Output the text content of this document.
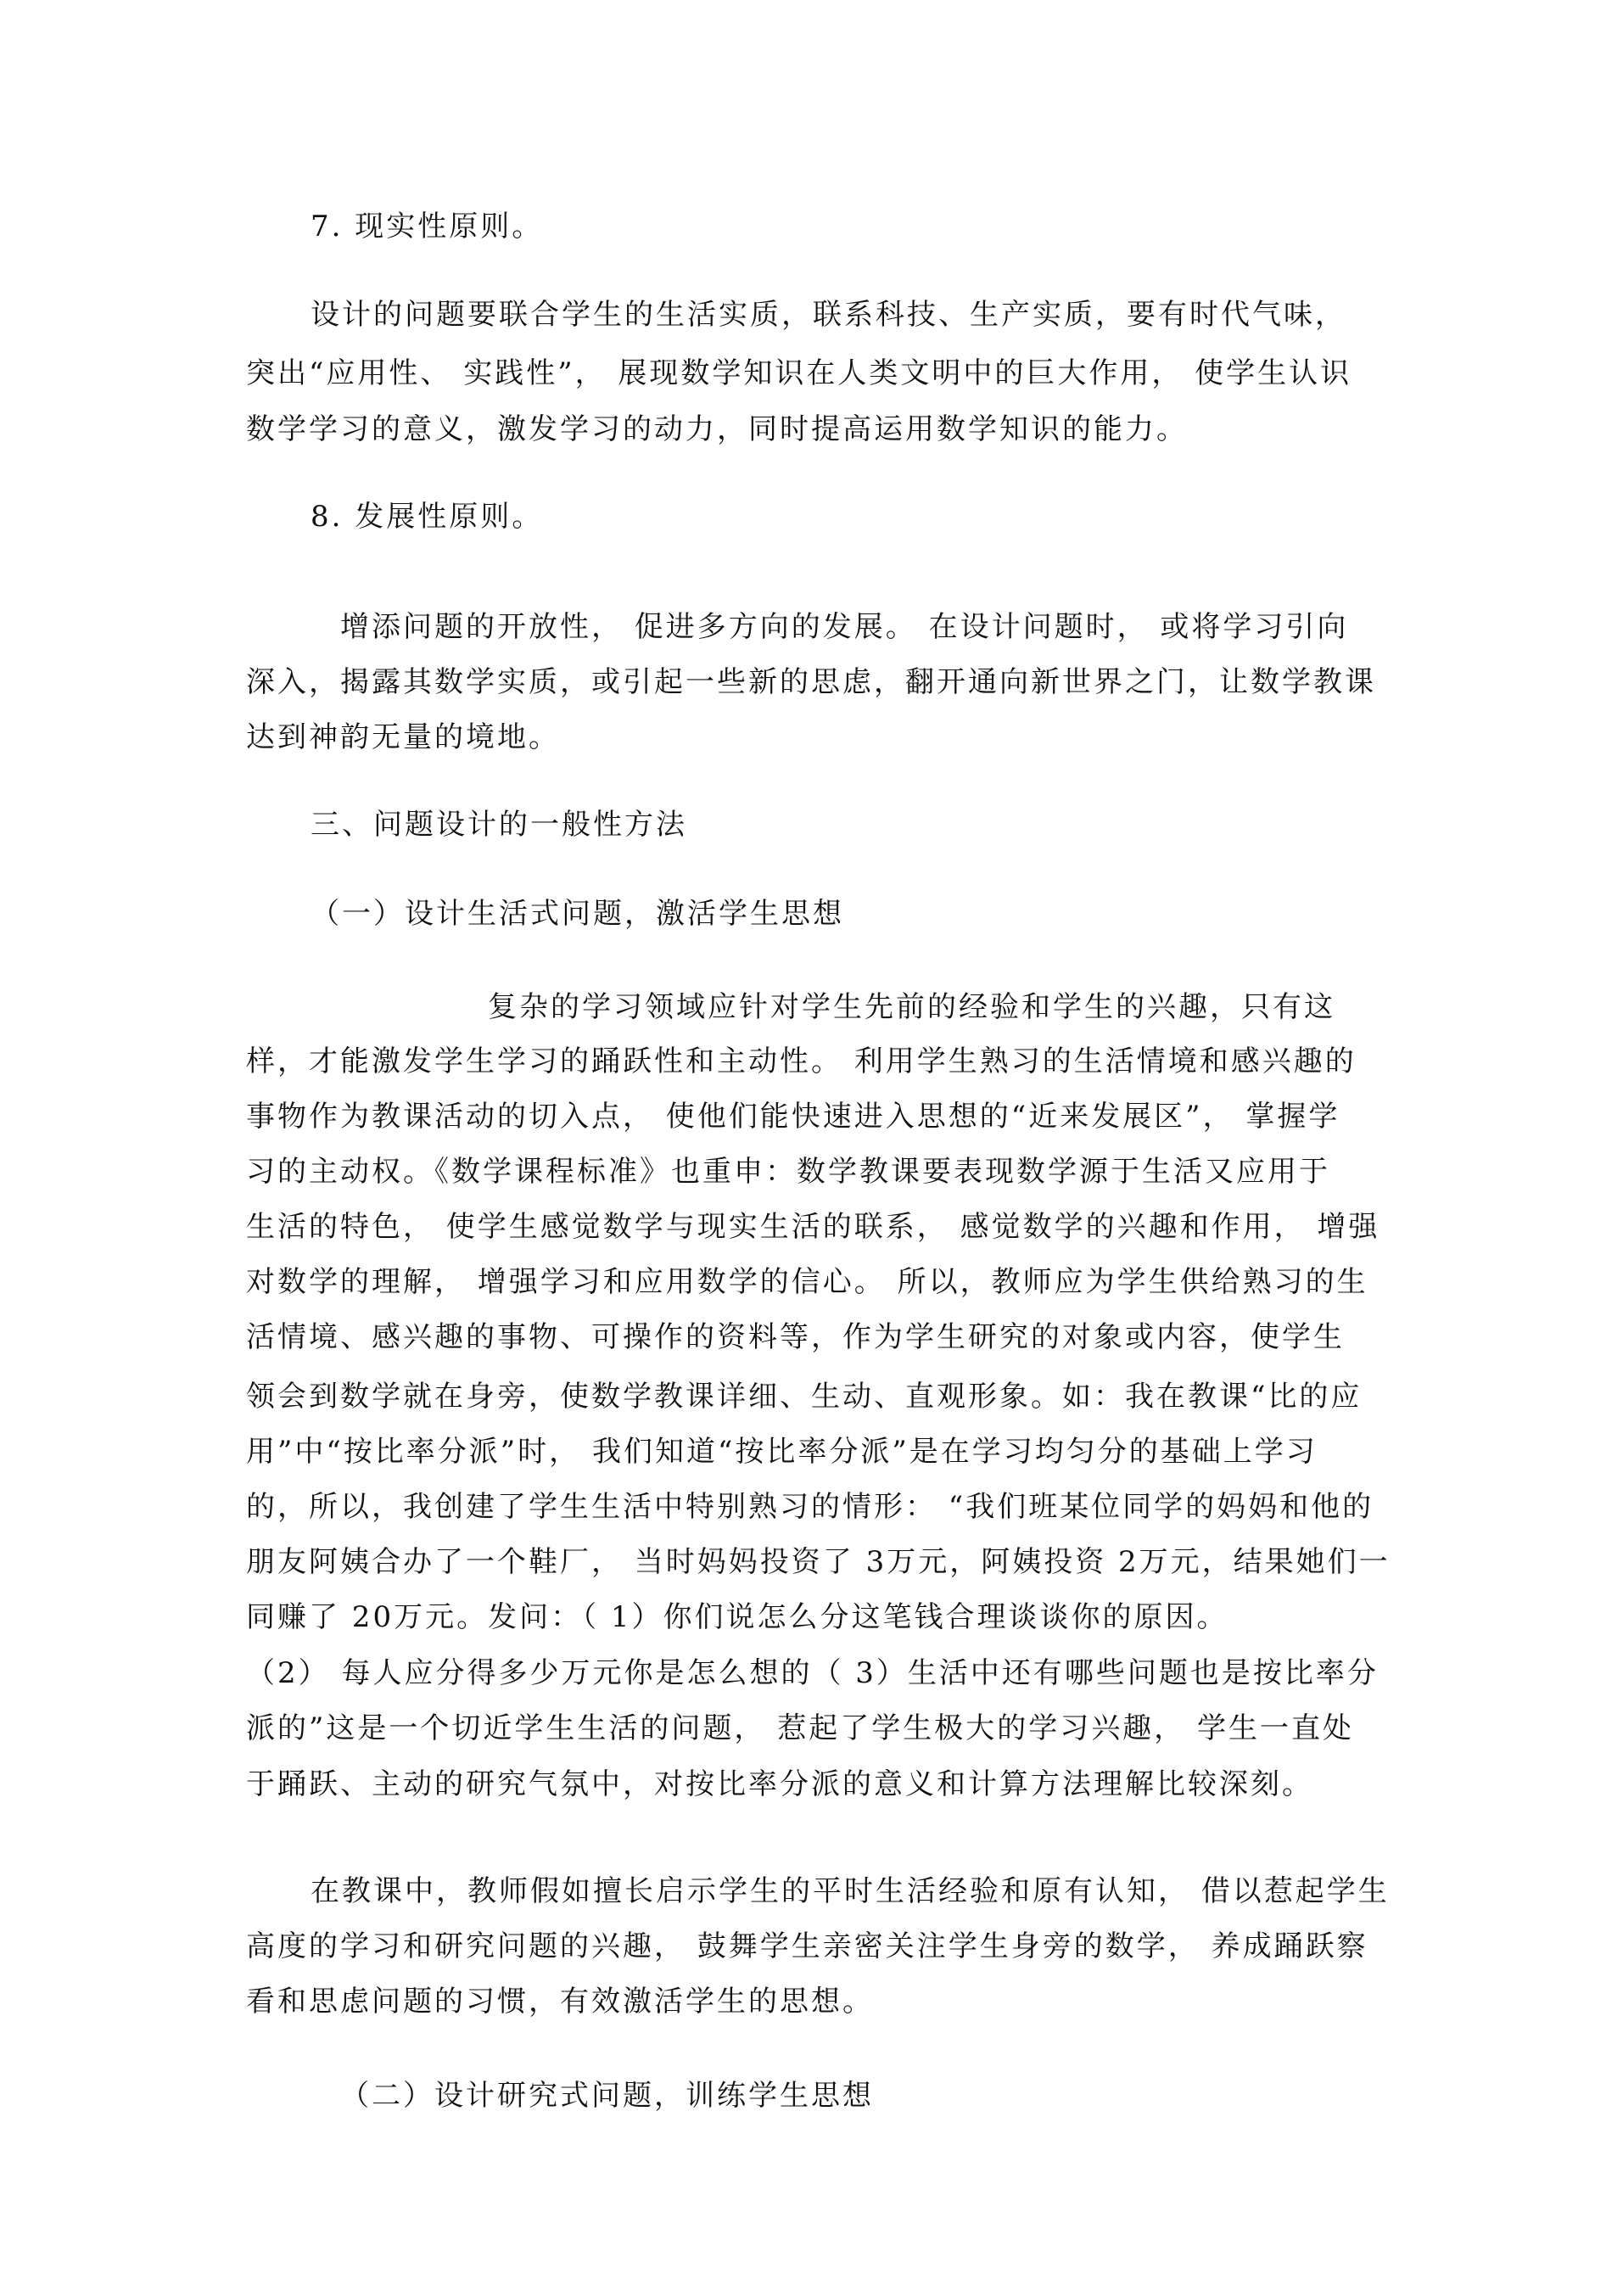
7. 现实性原则。
设计的问题要联合学生的生活实质，联系科技、生产实质，要有时代气味，
突出“应用性、 实践性”， 展现数学知识在人类文明中的巨大作用， 使学生认识
数学学习的意义，激发学习的动力，同时提高运用数学知识的能力。
8. 发展性原则。
增添问题的开放性， 促进多方向的发展。 在设计问题时， 或将学习引向
深入，揭露其数学实质，或引起一些新的思虑，翻开通向新世界之门，让数学教课
达到神韵无量的境地。
三、问题设计的一般性方法
（一）设计生活式问题，激活学生思想
复杂的学习领域应针对学生先前的经验和学生的兴趣，只有这
样，才能激发学生学习的踊跃性和主动性。 利用学生熟习的生活情境和感兴趣的
事物作为教课活动的切入点， 使他们能快速进入思想的“近来发展区”， 掌握学
习的主动权。《数学课程标准》也重申：数学教课要表现数学源于生活又应用于
生活的特色， 使学生感觉数学与现实生活的联系， 感觉数学的兴趣和作用， 增强
对数学的理解， 增强学习和应用数学的信心。 所以，教师应为学生供给熟习的生
活情境、感兴趣的事物、可操作的资料等，作为学生研究的对象或内容，使学生
领会到数学就在身旁，使数学教课详细、生动、直观形象。如：我在教课“比的应
用”中“按比率分派”时， 我们知道“按比率分派”是在学习均匀分的基础上学习
的，所以，我创建了学生生活中特别熟习的情形： “我们班某位同学的妈妈和他的
朋友阿姨合办了一个鞋厂， 当时妈妈投资了 3万元，阿姨投资 2万元，结果她们一
同赚了 20万元。发问：（ 1）你们说怎么分这笔钱合理谈谈你的原因。
（2） 每人应分得多少万元你是怎么想的（ 3）生活中还有哪些问题也是按比率分
派的”这是一个切近学生生活的问题， 惹起了学生极大的学习兴趣， 学生一直处
于踊跃、主动的研究气氛中，对按比率分派的意义和计算方法理解比较深刻。
在教课中，教师假如擅长启示学生的平时生活经验和原有认知， 借以惹起学生
高度的学习和研究问题的兴趣， 鼓舞学生亲密关注学生身旁的数学， 养成踊跃察
看和思虑问题的习惯，有效激活学生的思想。
（二）设计研究式问题，训练学生思想
